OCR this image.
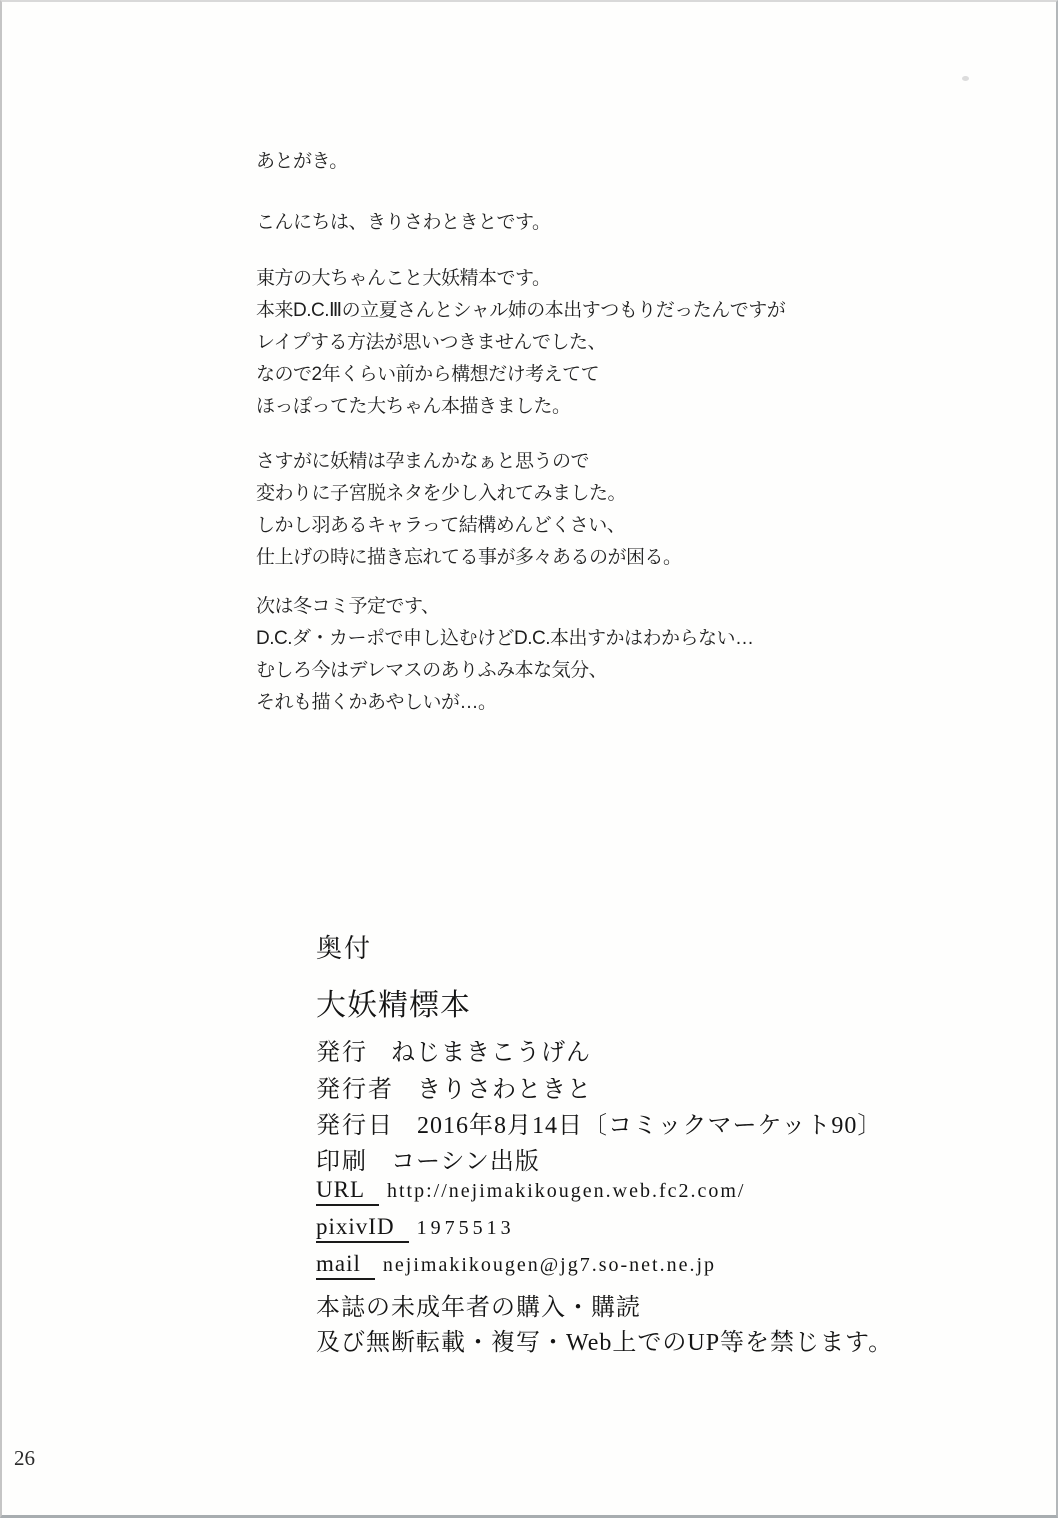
あとがき。
こんにちは、きりさわときとです。
東方の大ちゃんこと大妖精本です。
本来D.C.Ⅲの立夏さんとシャル姉の本出すつもりだったんですが
レイプする方法が思いつきませんでした、
なので2年くらい前から構想だけ考えてて
ほっぽってた大ちゃん本描きました。
さすがに妖精は孕まんかなぁと思うので
変わりに子宮脱ネタを少し入れてみました。
しかし羽あるキャラって結構めんどくさい、
仕上げの時に描き忘れてる事が多々あるのが困る。
次は冬コミ予定です、
D.C.ダ・カーポで申し込むけどD.C.本出すかはわからない…
むしろ今はデレマスのありふみ本な気分、
それも描くかあやしいが…。
奥付
大妖精標本
発行 ねじまきこうげん
発行者 きりさわときと
発行日 2016年8月14日〔コミックマーケット90〕
印刷 コーシン出版
URL http://nejimakikougen.web.fc2.com/
pixivID 1975513
mail nejimakikougen@jg7.so-net.ne.jp
本誌の未成年者の購入・購読
及び無断転載・複写・Web上でのUP等を禁じます。
26
